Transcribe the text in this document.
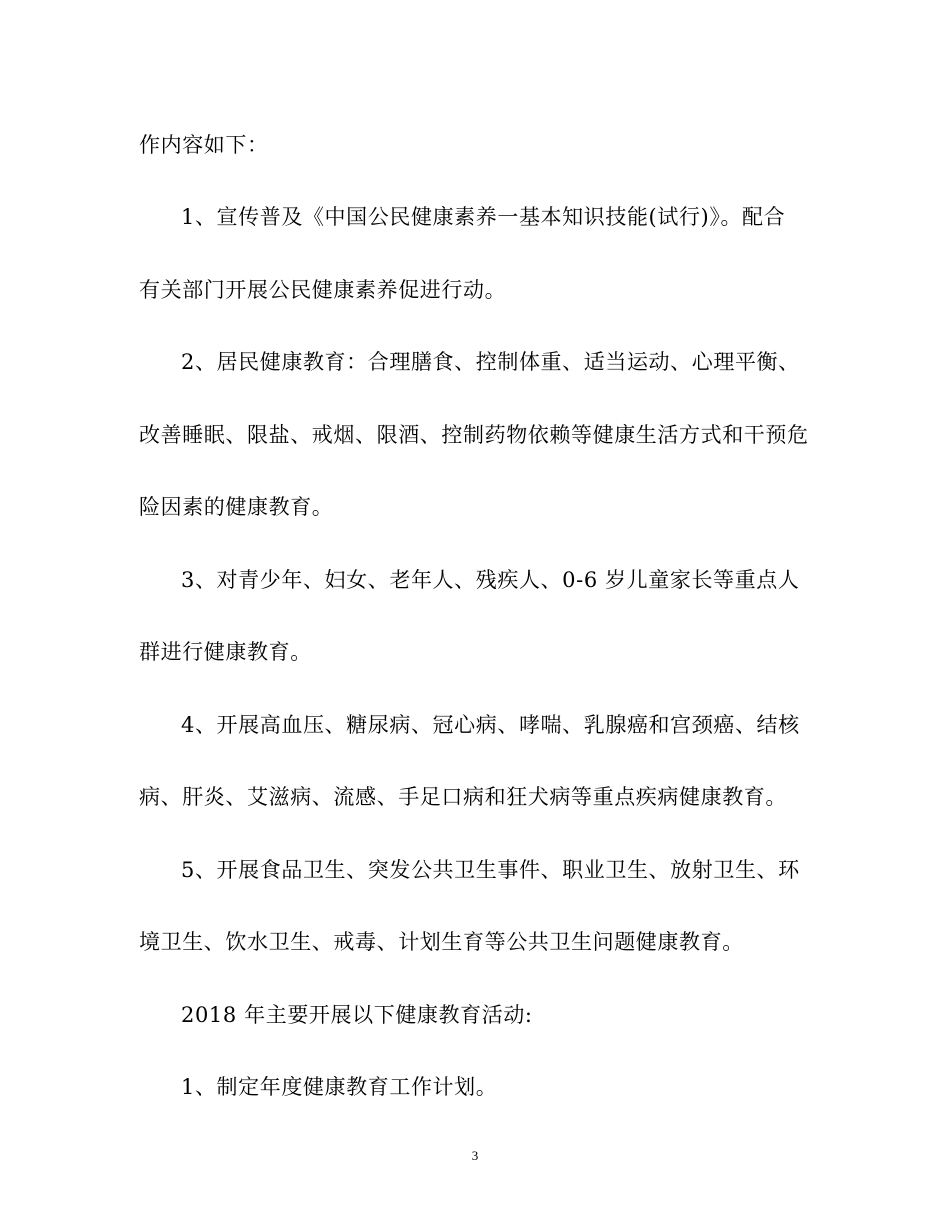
作内容如下：
1、宣传普及《中国公民健康素养一基本知识技能(试行)》。配合
有关部门开展公民健康素养促进行动。
2、居民健康教育：合理膳食、控制体重、适当运动、心理平衡、
改善睡眠、限盐、戒烟、限酒、控制药物依赖等健康生活方式和干预危
险因素的健康教育。
3、对青少年、妇女、老年人、残疾人、0-6 岁儿童家长等重点人
群进行健康教育。
4、开展高血压、糖尿病、冠心病、哮喘、乳腺癌和宫颈癌、结核
病、肝炎、艾滋病、流感、手足口病和狂犬病等重点疾病健康教育。
5、开展食品卫生、突发公共卫生事件、职业卫生、放射卫生、环
境卫生、饮水卫生、戒毒、计划生育等公共卫生问题健康教育。
2018 年主要开展以下健康教育活动:
1、制定年度健康教育工作计划。
3
